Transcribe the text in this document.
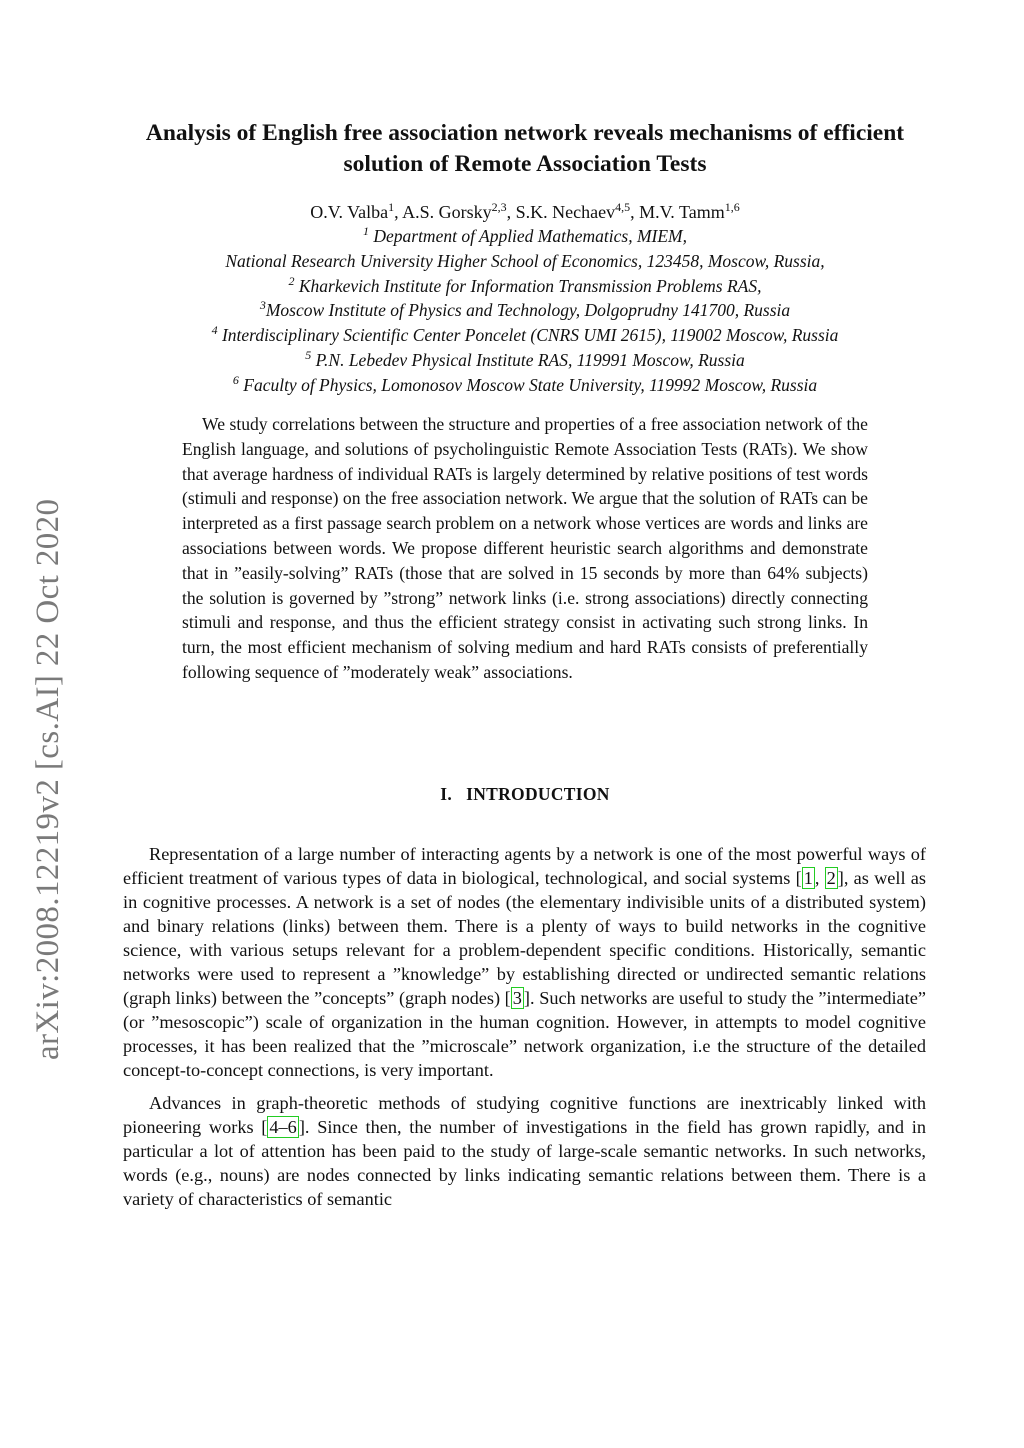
arXiv:2008.12219v2 [cs.AI] 22 Oct 2020
Analysis of English free association network reveals mechanisms of efficient solution of Remote Association Tests
O.V. Valba$^1$, A.S. Gorsky$^{2,3}$, S.K. Nechaev$^{4,5}$, M.V. Tamm$^{1,6}$
$^1$ Department of Applied Mathematics, MIEM,
National Research University Higher School of Economics, 123458, Moscow, Russia,
$^2$ Kharkevich Institute for Information Transmission Problems RAS,
$^3$Moscow Institute of Physics and Technology, Dolgoprudny 141700, Russia
$^4$ Interdisciplinary Scientific Center Poncelet (CNRS UMI 2615), 119002 Moscow, Russia
$^5$ P.N. Lebedev Physical Institute RAS, 119991 Moscow, Russia
$^6$ Faculty of Physics, Lomonosov Moscow State University, 119992 Moscow, Russia

We study correlations between the structure and properties of a free association network of the English language, and solutions of psycholinguistic Remote Association Tests (RATs). We show that average hardness of individual RATs is largely determined by relative positions of test words (stimuli and response) on the free association network. We argue that the solution of RATs can be interpreted as a first passage search problem on a network whose vertices are words and links are associations between words. We propose different heuristic search algorithms and demonstrate that in ”easily-solving” RATs (those that are solved in 15 seconds by more than 64% subjects) the solution is governed by ”strong” network links (i.e. strong associations) directly connecting stimuli and response, and thus the efficient strategy consist in activating such strong links. In turn, the most efficient mechanism of solving medium and hard RATs consists of preferentially following sequence of ”moderately weak” associations.

I. INTRODUCTION

Representation of a large number of interacting agents by a network is one of the most powerful ways of efficient treatment of various types of data in biological, technological, and social systems [ 1 , 2 ], as well as in cognitive processes. A network is a set of nodes (the elementary indivisible units of a distributed system) and binary relations (links) between them. There is a plenty of ways to build networks in the cognitive science, with various setups relevant for a problem-dependent specific conditions. Historically, semantic networks were used to represent a ”knowledge” by establishing directed or undirected semantic relations (graph links) between the ”concepts” (graph nodes) [ 3 ]. Such networks are useful to study the ”intermediate” (or ”mesoscopic”) scale of organization in the human cognition. However, in attempts to model cognitive processes, it has been realized that the ”microscale” network organization, i.e the structure of the detailed concept-to-concept connections, is very important.

Advances in graph-theoretic methods of studying cognitive functions are inextricably linked with pioneering works [ 4–6 ]. Since then, the number of investigations in the field has grown rapidly, and in particular a lot of attention has been paid to the study of large-scale semantic networks. In such networks, words (e.g., nouns) are nodes connected by links indicating semantic relations between them. There is a variety of characteristics of semantic
